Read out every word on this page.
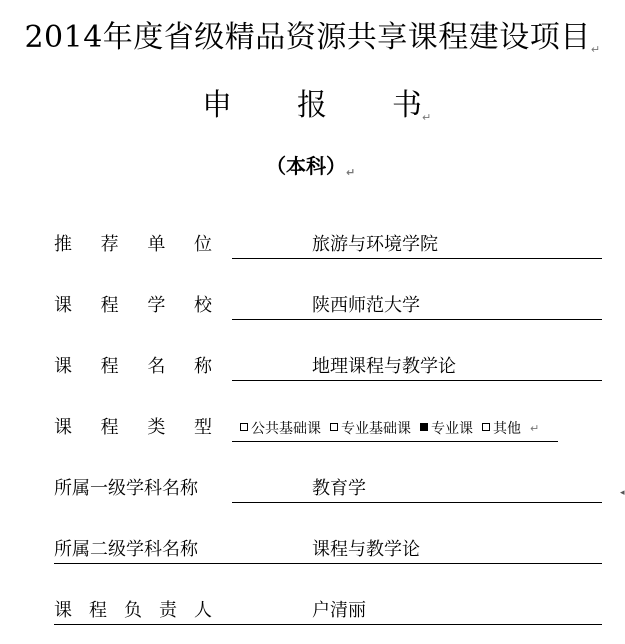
2014年度省级精品资源共享课程建设项目↵
申 报 书↵
（本科）↵
推荐单位	旅游与环境学院
课程学校	陕西师范大学
课程名称	地理课程与教学论
课程类型	公共基础课 专业基础课 专业课 其他 ↵
所属一级学科名称	教育学
所属二级学科名称	课程与教学论
课程负责人	户清丽
◂
